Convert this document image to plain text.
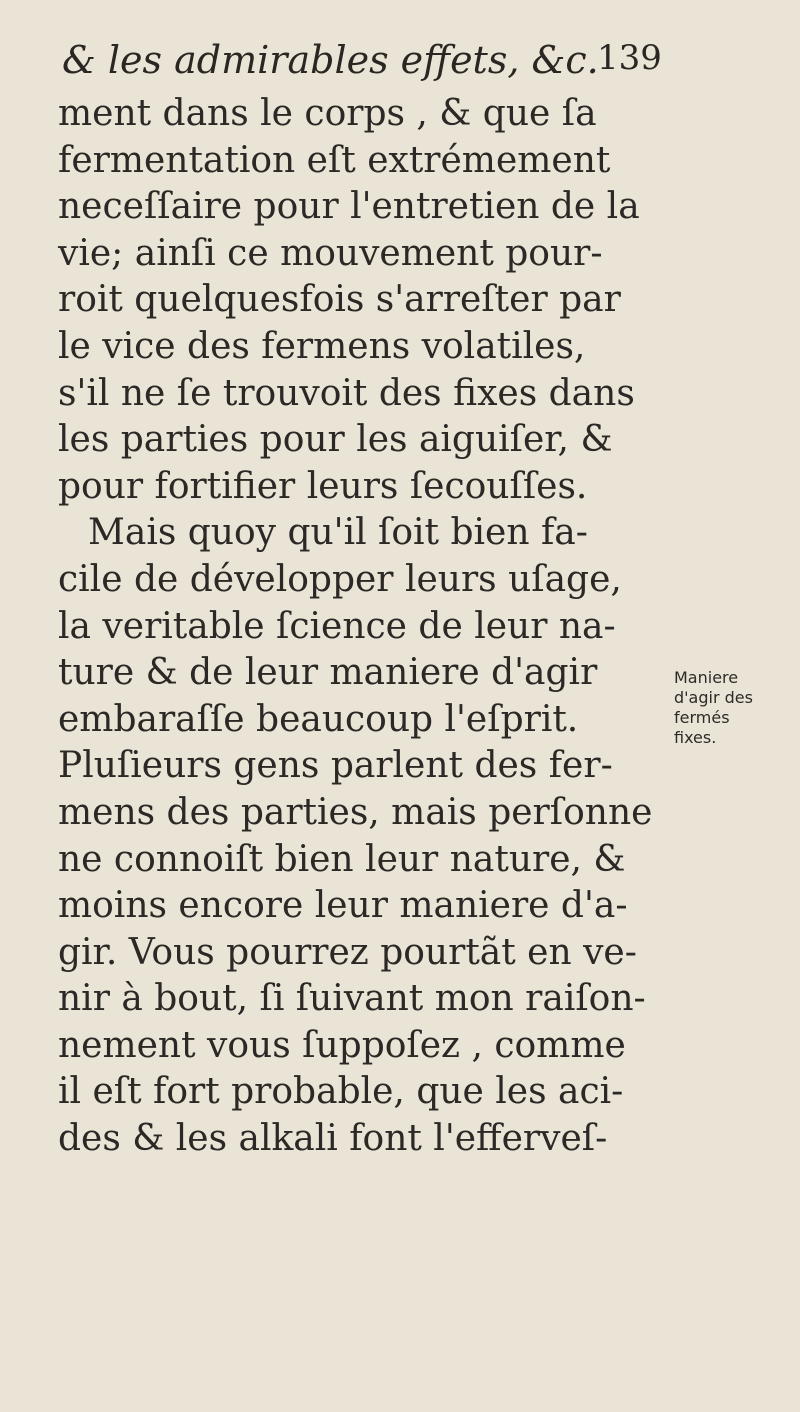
& les admirables effets, &c.
139
ment dans le corps , & que ſa
fermentation eſt extrémement
neceſſaire pour l'entretien de la
vie; ainſi ce mouvement pour-
roit quelquesfois s'arreſter par
le vice des fermens volatiles,
s'il ne ſe trouvoit des fixes dans
les parties pour les aiguiſer, &
pour fortifier leurs ſecouſſes.
Mais quoy qu'il ſoit bien fa-
cile de développer leurs uſage,
la veritable ſcience de leur na-
ture & de leur maniere d'agir
embaraſſe beaucoup l'eſprit.
Pluſieurs gens parlent des fer-
mens des parties, mais perſonne
ne connoiſt bien leur nature, &
moins encore leur maniere d'a-
gir. Vous pourrez pourtãt en ve-
nir à bout, ſi ſuivant mon raiſon-
nement vous ſuppoſez , comme
il eſt fort probable, que les aci-
des & les alkali font l'efferveſ-
Maniere
d'agir des
fermés
fixes.
